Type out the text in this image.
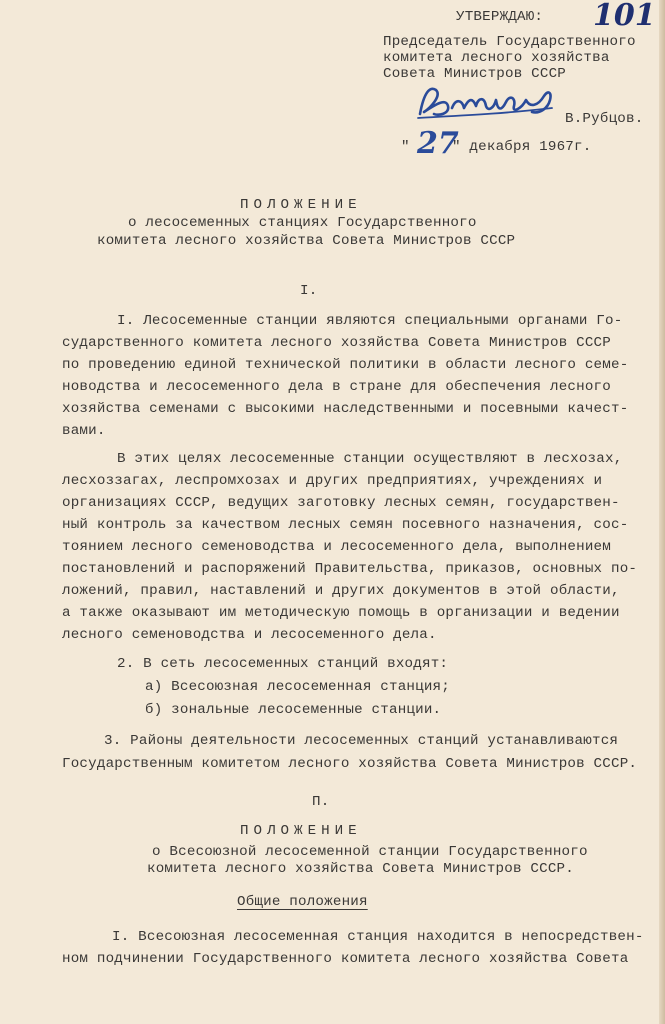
УТВЕРЖДАЮ: 101
Председатель Государственного
комитета лесного хозяйства
Совета Министров СССР
В.Рубцов.
" 27
" декабря 1967г.
ПОЛОЖЕНИЕ
о лесосеменных станциях Государственного
комитета лесного хозяйства Совета Министров СССР
I.
I. Лесосеменные станции являются специальными органами Го-
сударственного комитета лесного хозяйства Совета Министров СССР
по проведению единой технической политики в области лесного семе-
новодства и лесосеменного дела в стране для обеспечения лесного
хозяйства семенами с высокими наследственными и посевными качест-
вами.
В этих целях лесосеменные станции осуществляют в лесхозах,
лесхоззагах, леспромхозах и других предприятиях, учреждениях и
организациях СССР, ведущих заготовку лесных семян, государствен-
ный контроль за качеством лесных семян посевного назначения, сос-
тоянием лесного семеноводства и лесосеменного дела, выполнением
постановлений и распоряжений Правительства, приказов, основных по-
ложений, правил, наставлений и других документов в этой области,
а также оказывают им методическую помощь в организации и ведении
лесного семеноводства и лесосеменного дела.
2. В сеть лесосеменных станций входят:
а) Всесоюзная лесосеменная станция;
б) зональные лесосеменные станции.
3. Районы деятельности лесосеменных станций устанавливаются
Государственным комитетом лесного хозяйства Совета Министров СССР.
П.
ПОЛОЖЕНИЕ
о Всесоюзной лесосеменной станции Государственного
комитета лесного хозяйства Совета Министров СССР.
Общие положения
I. Всесоюзная лесосеменная станция находится в непосредствен-
ном подчинении Государственного комитета лесного хозяйства Совета
